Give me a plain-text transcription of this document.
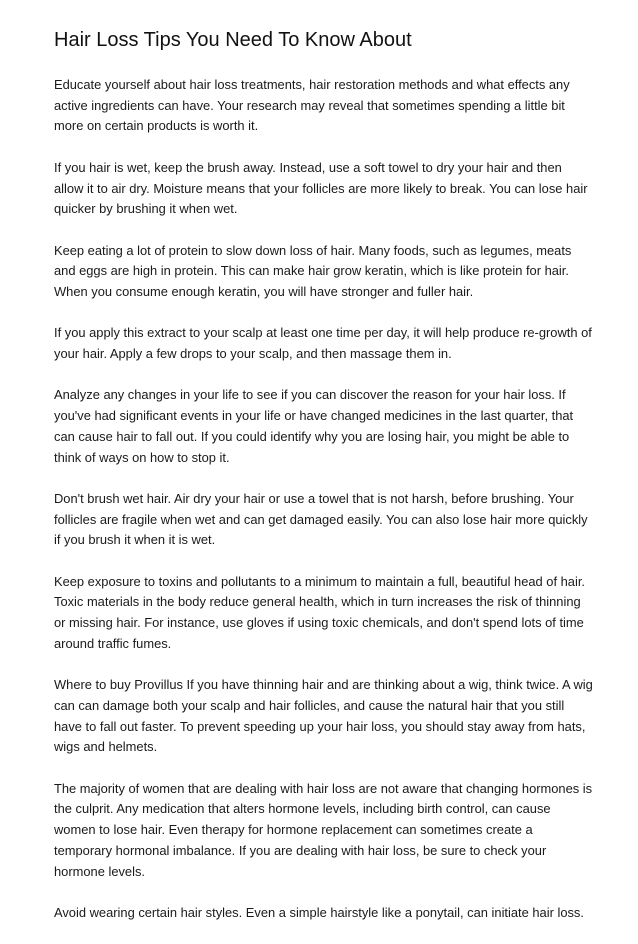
Hair Loss Tips You Need To Know About

Educate yourself about hair loss treatments, hair restoration methods and what effects any active ingredients can have. Your research may reveal that sometimes spending a little bit more on certain products is worth it.

If you hair is wet, keep the brush away. Instead, use a soft towel to dry your hair and then allow it to air dry. Moisture means that your follicles are more likely to break. You can lose hair quicker by brushing it when wet.

Keep eating a lot of protein to slow down loss of hair. Many foods, such as legumes, meats and eggs are high in protein. This can make hair grow keratin, which is like protein for hair. When you consume enough keratin, you will have stronger and fuller hair.

If you apply this extract to your scalp at least one time per day, it will help produce re-growth of your hair. Apply a few drops to your scalp, and then massage them in.

Analyze any changes in your life to see if you can discover the reason for your hair loss. If you've had significant events in your life or have changed medicines in the last quarter, that can cause hair to fall out. If you could identify why you are losing hair, you might be able to think of ways on how to stop it.

Don't brush wet hair. Air dry your hair or use a towel that is not harsh, before brushing. Your follicles are fragile when wet and can get damaged easily. You can also lose hair more quickly if you brush it when it is wet.

Keep exposure to toxins and pollutants to a minimum to maintain a full, beautiful head of hair. Toxic materials in the body reduce general health, which in turn increases the risk of thinning or missing hair. For instance, use gloves if using toxic chemicals, and don't spend lots of time around traffic fumes.

Where to buy Provillus If you have thinning hair and are thinking about a wig, think twice. A wig can can damage both your scalp and hair follicles, and cause the natural hair that you still have to fall out faster. To prevent speeding up your hair loss, you should stay away from hats, wigs and helmets.

The majority of women that are dealing with hair loss are not aware that changing hormones is the culprit. Any medication that alters hormone levels, including birth control, can cause women to lose hair. Even therapy for hormone replacement can sometimes create a temporary hormonal imbalance. If you are dealing with hair loss, be sure to check your hormone levels.

Avoid wearing certain hair styles. Even a simple hairstyle like a ponytail, can initiate hair loss.
